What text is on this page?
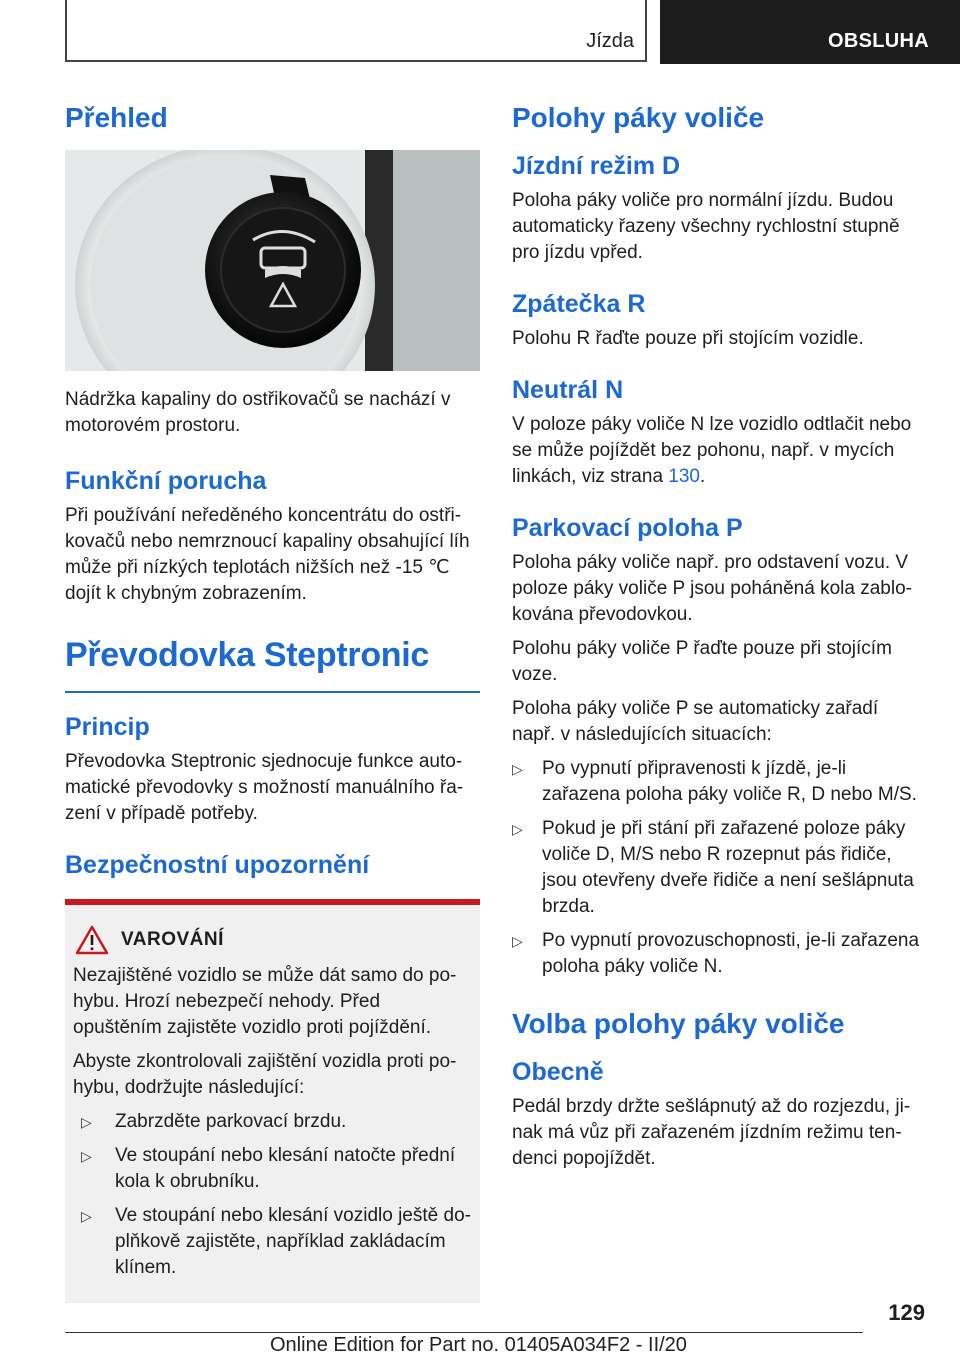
Jízda	OBSLUHA
Přehled

Nádržka kapaliny do ostřikovačů se nachází v motorovém prostoru.

Funkční porucha

Při používání neředěného koncentrátu do ostřikovačů nebo nemrznoucí kapaliny obsahující líh může při nízkých teplotách nižších než -15 ℃ dojít k chybným zobrazením.

Převodovka Steptronic
Princip

Převodovka Steptronic sjednocuje funkce automatické převodovky s možností manuálního řazení v případě potřeby.

Bezpečnostní upozornění
VAROVÁNÍ

Nezajištěné vozidlo se může dát samo do pohybu. Hrozí nebezpečí nehody. Před opuštěním zajistěte vozidlo proti pojíždění.

Abyste zkontrolovali zajištění vozidla proti pohybu, dodržujte následující:

▷ Zabrzděte parkovací brzdu.
▷ Ve stoupání nebo klesání natočte přední kola k obrubníku.
▷ Ve stoupání nebo klesání vozidlo ještě doplňkově zajistěte, například zakládacím klínem.
Polohy páky voliče
Jízdní režim D

Poloha páky voliče pro normální jízdu. Budou automaticky řazeny všechny rychlostní stupně pro jízdu vpřed.

Zpátečka R

Polohu R řaďte pouze při stojícím vozidle.

Neutrál N

V poloze páky voliče N lze vozidlo odtlačit nebo se může pojíždět bez pohonu, např. v mycích linkách, viz strana 130.

Parkovací poloha P

Poloha páky voliče např. pro odstavení vozu. V poloze páky voliče P jsou poháněná kola zablokována převodovkou.

Polohu páky voliče P řaďte pouze při stojícím voze.

Poloha páky voliče P se automaticky zařadí např. v následujících situacích:

▷ Po vypnutí připravenosti k jízdě, je-li zařazena poloha páky voliče R, D nebo M/S.
▷ Pokud je při stání při zařazené poloze páky voliče D, M/S nebo R rozepnut pás řidiče, jsou otevřeny dveře řidiče a není sešlápnuta brzda.
▷ Po vypnutí provozuschopnosti, je-li zařazena poloha páky voliče N.
Volba polohy páky voliče
Obecně

Pedál brzdy držte sešlápnutý až do rozjezdu, jinak má vůz při zařazeném jízdním režimu tendenci popojíždět.

129
Online Edition for Part no. 01405A034F2 - II/20
